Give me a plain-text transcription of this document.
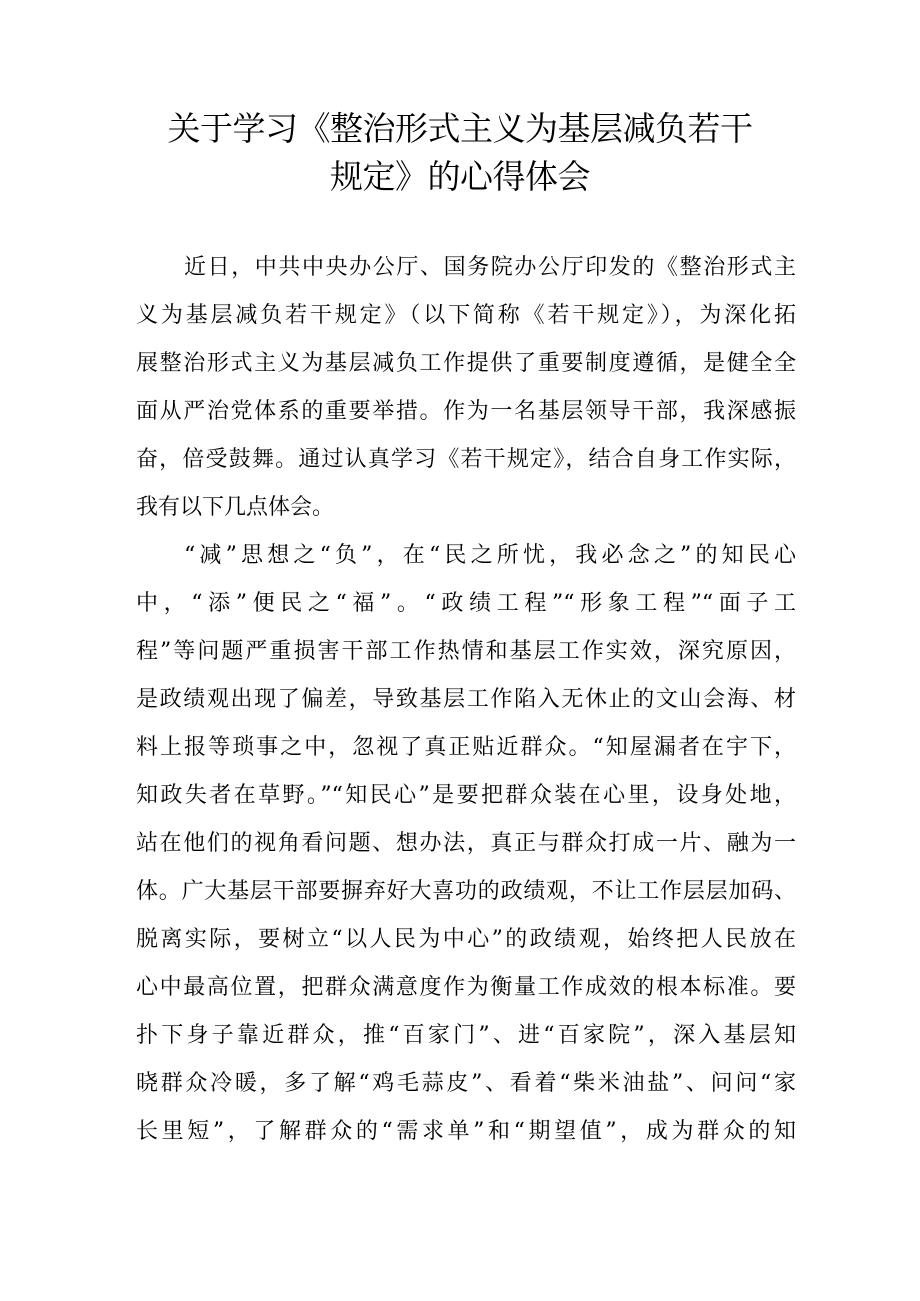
关于学习《整治形式主义为基层减负若干
规定》的心得体会
近日，中共中央办公厅、国务院办公厅印发的《整治形式主
义为基层减负若干规定》（以下简称《若干规定》），为深化拓
展整治形式主义为基层减负工作提供了重要制度遵循，是健全全
面从严治党体系的重要举措。作为一名基层领导干部，我深感振
奋，倍受鼓舞。通过认真学习《若干规定》，结合自身工作实际，
我有以下几点体会。
“减”思想之“负”，在“民之所忧，我必念之”的知民心
中，“添”便民之“福”。“政绩工程”“形象工程”“面子工
程”等问题严重损害干部工作热情和基层工作实效，深究原因，
是政绩观出现了偏差，导致基层工作陷入无休止的文山会海、材
料上报等琐事之中，忽视了真正贴近群众。“知屋漏者在宇下，
知政失者在草野。”“知民心”是要把群众装在心里，设身处地，
站在他们的视角看问题、想办法，真正与群众打成一片、融为一
体。广大基层干部要摒弃好大喜功的政绩观，不让工作层层加码、
脱离实际，要树立“以人民为中心”的政绩观，始终把人民放在
心中最高位置，把群众满意度作为衡量工作成效的根本标准。要
扑下身子靠近群众，推“百家门”、进“百家院”，深入基层知
晓群众冷暖，多了解“鸡毛蒜皮”、看着“柴米油盐”、问问“家
长里短”，了解群众的“需求单”和“期望值”，成为群众的知
